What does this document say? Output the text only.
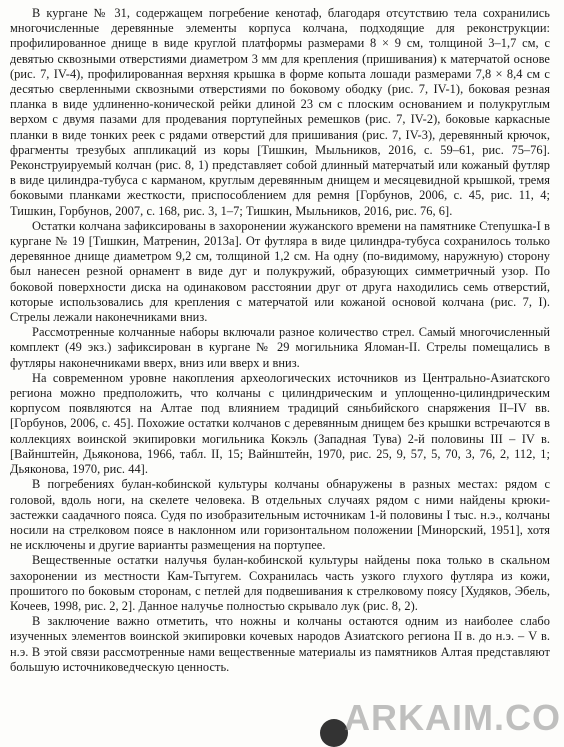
В кургане № 31, содержащем погребение кенотаф, благодаря отсутствию тела сохранились многочисленные деревянные элементы корпуса колчана, подходящие для реконструкции: профилированное днище в виде круглой платформы размерами 8 × 9 см, толщиной 3–1,7 см, с девятью сквозными отверстиями диаметром 3 мм для крепления (пришивания) к матерчатой основе (рис. 7, IV-4), профилированная верхняя крышка в форме копыта лошади размерами 7,8 × 8,4 см с десятью сверленными сквозными отверстиями по боковому ободку (рис. 7, IV-1), боковая резная планка в виде удлиненно-конической рейки длиной 23 см с плоским основанием и полукруглым верхом с двумя пазами для продевания портупейных ремешков (рис. 7, IV-2), боковые каркасные планки в виде тонких реек с рядами отверстий для пришивания (рис. 7, IV-3), деревянный крючок, фрагменты трезубых аппликаций из коры [Тишкин, Мыльников, 2016, с. 59–61, рис. 75–76]. Реконструируемый колчан (рис. 8, 1) представляет собой длинный матерчатый или кожаный футляр в виде цилиндра-тубуса с карманом, круглым деревянным днищем и месяцевидной крышкой, тремя боковыми планками жесткости, приспособлением для ремня [Горбунов, 2006, с. 45, рис. 11, 4; Тишкин, Горбунов, 2007, с. 168, рис. 3, 1–7; Тишкин, Мыльников, 2016, рис. 76, 6].

Остатки колчана зафиксированы в захоронении жужанского времени на памятнике Степушка-I в кургане № 19 [Тишкин, Матренин, 2013а]. От футляра в виде цилиндра-тубуса сохранилось только деревянное днище диаметром 9,2 см, толщиной 1,2 см. На одну (по-видимому, наружную) сторону был нанесен резной орнамент в виде дуг и полукружий, образующих симметричный узор. По боковой поверхности диска на одинаковом расстоянии друг от друга находились семь отверстий, которые использовались для крепления с матерчатой или кожаной основой колчана (рис. 7, I). Стрелы лежали наконечниками вниз.

Рассмотренные колчанные наборы включали разное количество стрел. Самый многочисленный комплект (49 экз.) зафиксирован в кургане № 29 могильника Яломан-II. Стрелы помещались в футляры наконечниками вверх, вниз или вверх и вниз.

На современном уровне накопления археологических источников из Центрально-Азиатского региона можно предположить, что колчаны с цилиндрическим и уплощенно-цилиндрическим корпусом появляются на Алтае под влиянием традиций сяньбийского снаряжения II–IV вв. [Горбунов, 2006, с. 45]. Похожие остатки колчанов с деревянным днищем без крышки встречаются в коллекциях воинской экипировки могильника Кокэль (Западная Тува) 2-й половины III – IV в. [Вайнштейн, Дьяконова, 1966, табл. II, 15; Вайнштейн, 1970, рис. 25, 9, 57, 5, 70, 3, 76, 2, 112, 1; Дьяконова, 1970, рис. 44].

В погребениях булан-кобинской культуры колчаны обнаружены в разных местах: рядом с головой, вдоль ноги, на скелете человека. В отдельных случаях рядом с ними найдены крюки-застежки саадачного пояса. Судя по изобразительным источникам 1-й половины I тыс. н.э., колчаны носили на стрелковом поясе в наклонном или горизонтальном положении [Минорский, 1951], хотя не исключены и другие варианты размещения на портупее.

Вещественные остатки налучья булан-кобинской культуры найдены пока только в скальном захоронении из местности Кам-Тытугем. Сохранилась часть узкого глухого футляра из кожи, прошитого по боковым сторонам, с петлей для подвешивания к стрелковому поясу [Худяков, Эбель, Кочеев, 1998, рис. 2, 2]. Данное налучье полностью скрывало лук (рис. 8, 2).

В заключение важно отметить, что ножны и колчаны остаются одним из наиболее слабо изученных элементов воинской экипировки кочевых народов Азиатского региона II в. до н.э. – V в. н.э. В этой связи рассмотренные нами вещественные материалы из памятников Алтая представляют большую источниковедческую ценность.

ARKAIM.CO
